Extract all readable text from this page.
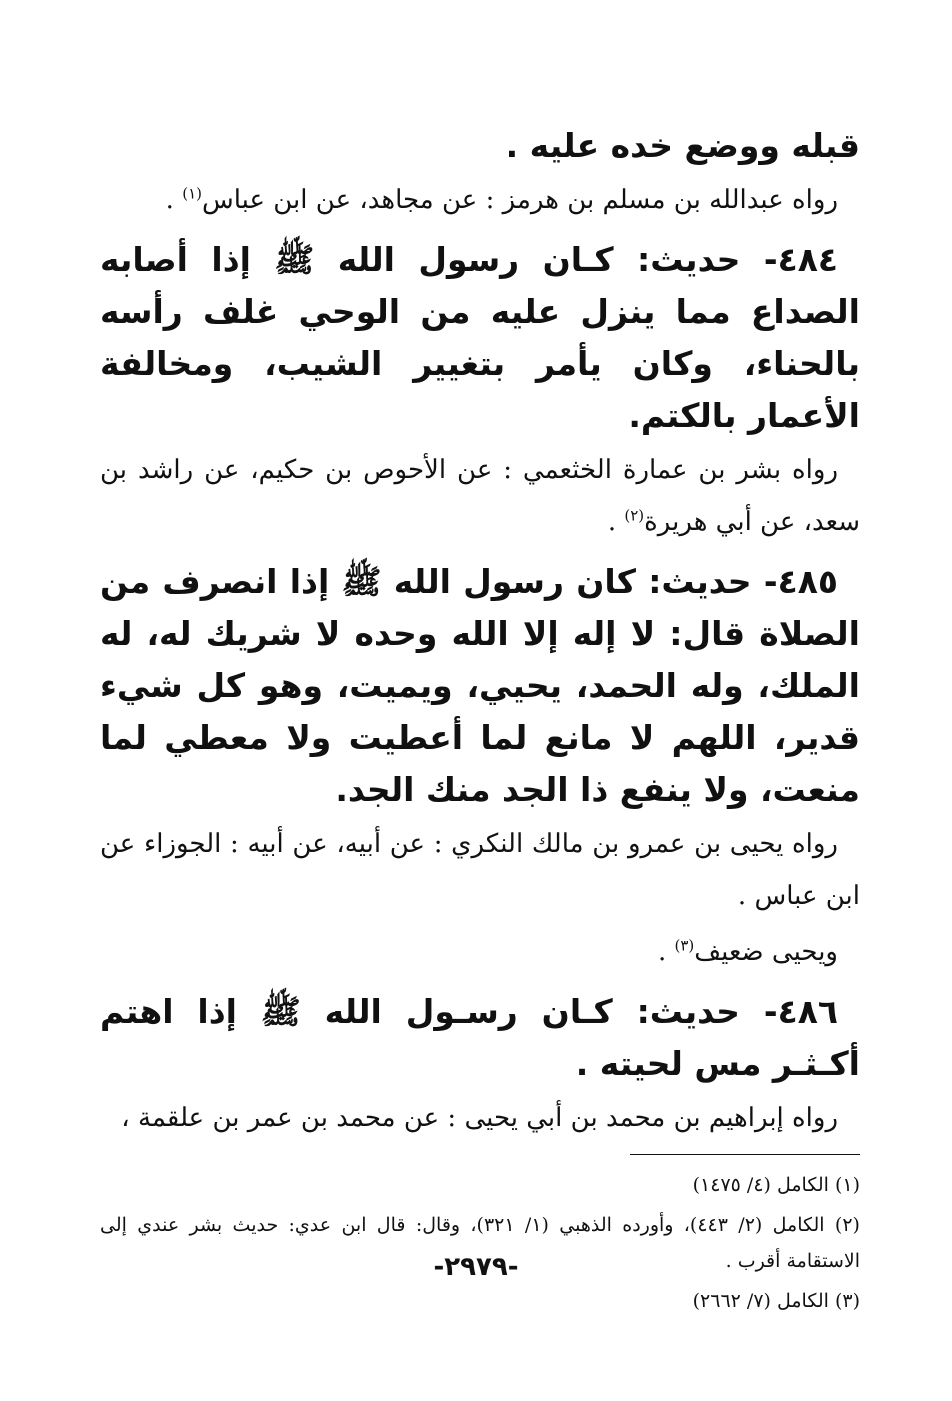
قبله ووضع خده عليه .

رواه عبدالله بن مسلم بن هرمز : عن مجاهد، عن ابن عباس$^{(١)}$ .

٤٨٤- حديث: كـان رسول الله ﷺ إذا أصابه الصداع مما ينزل عليه من الوحي غلف رأسه بالحناء، وكان يأمر بتغيير الشيب، ومخالفة الأعمار بالكتم.

رواه بشر بن عمارة الخثعمي : عن الأحوص بن حكيم، عن راشد بن سعد، عن أبي هريرة$^{(٢)}$ .

٤٨٥- حديث: كان رسول الله ﷺ إذا انصرف من الصلاة قال: لا إله إلا الله وحده لا شريك له، له الملك، وله الحمد، يحيي، ويميت، وهو كل شيء قدير، اللهم لا مانع لما أعطيت ولا معطي لما منعت، ولا ينفع ذا الجد منك الجد.

رواه يحيى بن عمرو بن مالك النكري : عن أبيه، عن أبيه : الجوزاء عن ابن عباس .

ويحيى ضعيف$^{(٣)}$ .

٤٨٦- حديث: كـان رسـول الله ﷺ إذا اهتم أكـثـر مس لحيته .

رواه إبراهيم بن محمد بن أبي يحيى : عن محمد بن عمر بن علقمة ،

(١) الكامل (٤/ ١٤٧٥)

(٢) الكامل (٢/ ٤٤٣)، وأورده الذهبي (١/ ٣٢١)، وقال: قال ابن عدي: حديث بشر عندي إلى الاستقامة أقرب .

(٣) الكامل (٧/ ٢٦٦٢)

-٢٩٧٩-
